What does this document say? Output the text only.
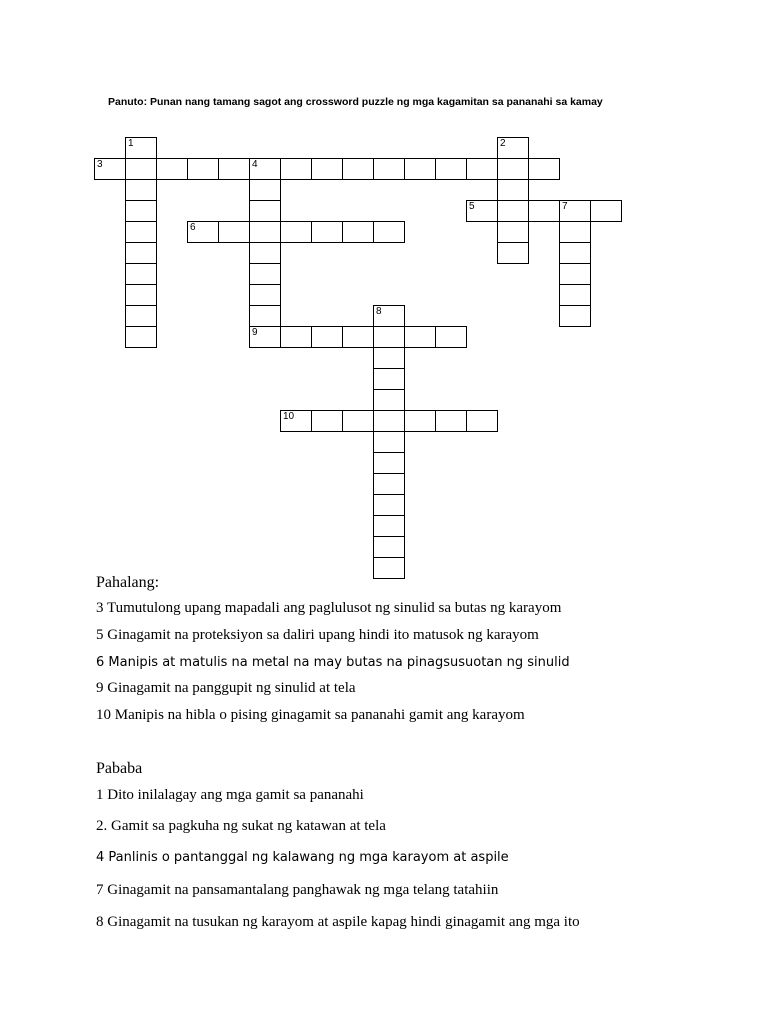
Panuto: Punan nang tamang sagot ang crossword puzzle ng mga kagamitan sa pananahi sa kamay
3	4
1	2
9
5	7
6
8
10
Pahalang:
3 Tumutulong upang mapadali ang paglulusot ng sinulid sa butas ng karayom
5 Ginagamit na proteksiyon sa daliri upang hindi ito matusok ng karayom
6 Manipis at matulis na metal na may butas na pinagsusuotan ng sinulid
9 Ginagamit na panggupit ng sinulid at tela
10 Manipis na hibla o pising ginagamit sa pananahi gamit ang karayom
Pababa
1 Dito inilalagay ang mga gamit sa pananahi
2. Gamit sa pagkuha ng sukat ng katawan at tela
4 Panlinis o pantanggal ng kalawang ng mga karayom at aspile
7 Ginagamit na pansamantalang panghawak ng mga telang tatahiin
8 Ginagamit na tusukan ng karayom at aspile kapag hindi ginagamit ang mga ito
